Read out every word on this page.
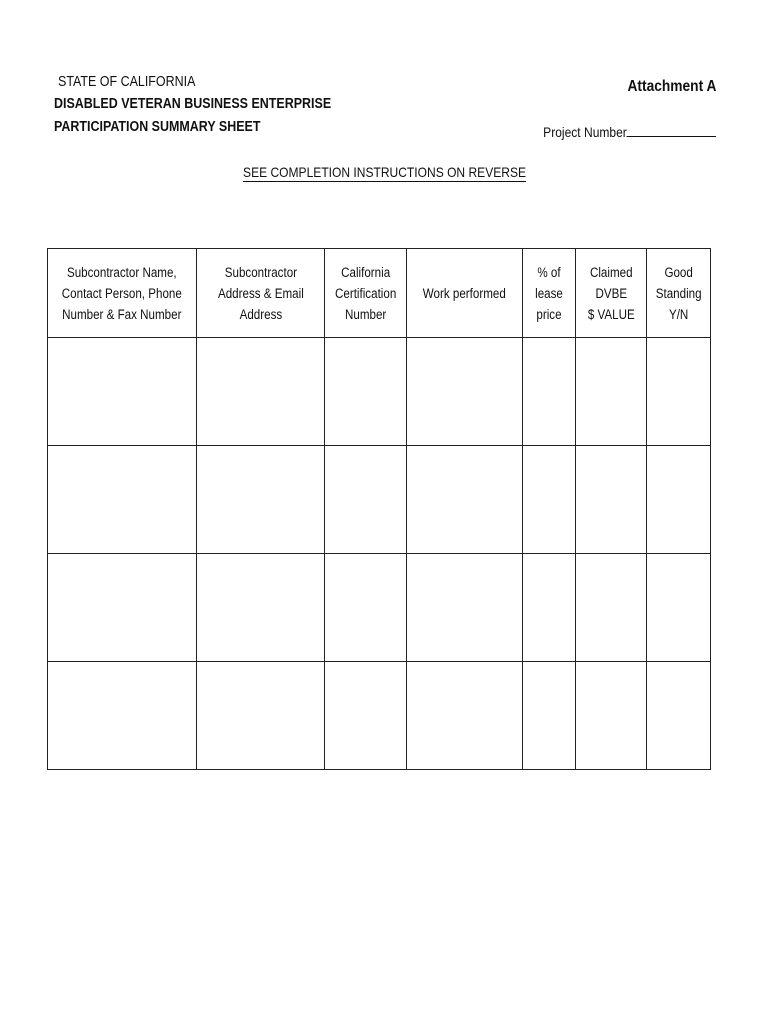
STATE OF CALIFORNIA
DISABLED VETERAN BUSINESS ENTERPRISE
PARTICIPATION SUMMARY SHEET
Attachment A
Project Number
SEE COMPLETION INSTRUCTIONS ON REVERSE
Subcontractor Name,
Contact Person, Phone
Number & Fax Number	Subcontractor
Address & Email
Address	California
Certification
Number	Work performed	% of lease
price	Claimed
DVBE
$ VALUE	Good
Standing
Y/N
